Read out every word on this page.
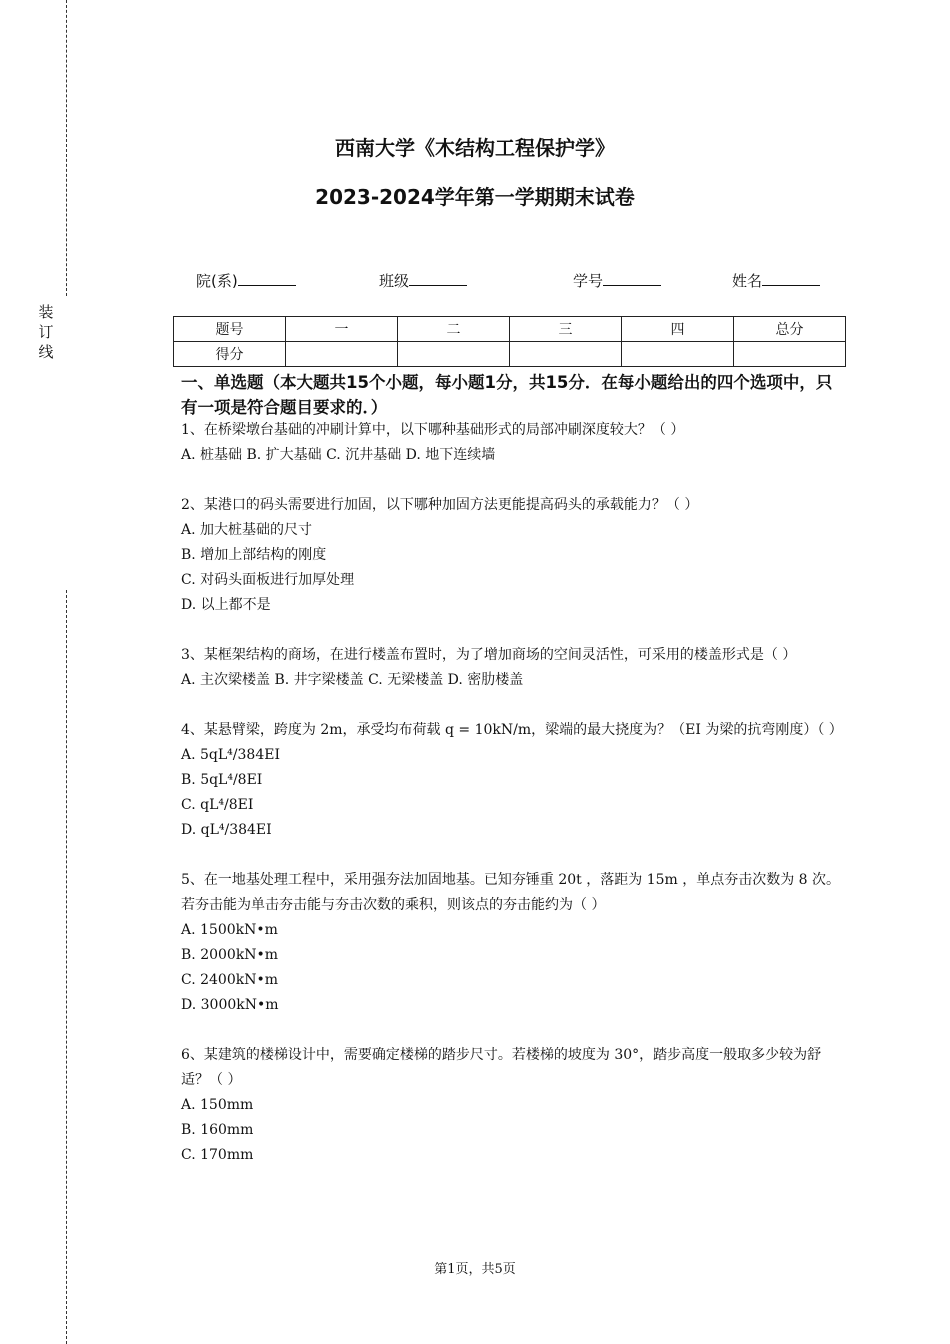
装
订
线
西南大学《木结构工程保护学》
2023-2024学年第一学期期末试卷
院(系)	班级	学号	姓名
题号	一	二	三	四	总分
得分					
一、单选题（本大题共15个小题，每小题1分，共15分．在每小题给出的四个选项中，只有一项是符合题目要求的．）

1、在桥梁墩台基础的冲刷计算中，以下哪种基础形式的局部冲刷深度较大？（ ）

A. 桩基础 B. 扩大基础 C. 沉井基础 D. 地下连续墙

2、某港口的码头需要进行加固，以下哪种加固方法更能提高码头的承载能力？（ ）

A. 加大桩基础的尺寸

B. 增加上部结构的刚度

C. 对码头面板进行加厚处理

D. 以上都不是

3、某框架结构的商场，在进行楼盖布置时，为了增加商场的空间灵活性，可采用的楼盖形式是（ ）

A. 主次梁楼盖 B. 井字梁楼盖 C. 无梁楼盖 D. 密肋楼盖

4、某悬臂梁，跨度为 2m，承受均布荷载 q = 10kN/m，梁端的最大挠度为？（EI 为梁的抗弯刚度）（ ）

A. 5qL⁴/384EI

B. 5qL⁴/8EI

C. qL⁴/8EI

D. qL⁴/384EI

5、在一地基处理工程中，采用强夯法加固地基。已知夯锤重 20t ，落距为 15m ，单点夯击次数为 8 次。若夯击能为单击夯击能与夯击次数的乘积，则该点的夯击能约为（ ）

A. 1500kN•m

B. 2000kN•m

C. 2400kN•m

D. 3000kN•m

6、某建筑的楼梯设计中，需要确定楼梯的踏步尺寸。若楼梯的坡度为 30°，踏步高度一般取多少较为舒适？（ ）

A. 150mm

B. 160mm

C. 170mm

第1页，共5页
